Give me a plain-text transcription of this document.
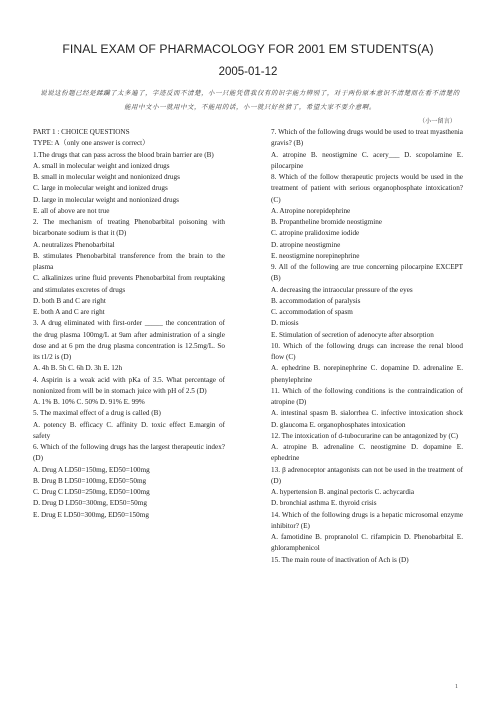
FINAL EXAM OF PHARMACOLOGY FOR 2001 EM STUDENTS(A)
2005-01-12
说说这份题已经是蹂躏了太多遍了，字迹反而不清楚，小一只能凭借我仅有的识字能力辨别了，对于两份原本意识不清楚而在看不清楚的能用中文小一就用中文，不能用的话，小一就只好丝猜了，希望大家不要介意啊。
（小一留言）
PART 1 : CHOICE QUESTIONS
TYPE: A（only one answer is correct）
1.The drugs that can pass across the blood brain barrier are (B)
A. small in molecular weight and ionized drugs
B. small in molecular weight and nonionized drugs
C. large in molecular weight and ionized drugs
D. large in molecular weight and nonionized drugs
E. all of above are not true
2. The mechanism of treating Phenobarbital poisoning with bicarbonate sodium is that it (D)
A. neutralizes Phenobarbital
B. stimulates Phenobarbital transference from the brain to the plasma
C. alkalinizes urine fluid prevents Phenobarbital from reuptaking and stimulates excretes of drugs
D. both B and C are right
E. both A and C are right
3. A drug eliminated with first-order _____ the concentration of the drug plasma 100mg/L at 9am after administration of a single dose and at 6 pm the drug plasma concentration is 12.5mg/L. So its t1/2 is (D)
A. 4h B. 5h C. 6h D. 3h E. 12h
4. Aspirin is a weak acid with pKa of 3.5. What percentage of nonionized from will be in stomach juice with pH of 2.5 (D)
A. 1% B. 10% C. 50% D. 91% E. 99%
5. The maximal effect of a drug is called (B)
A. potency B. efficacy C. affinity D. toxic effect E.margin of safety
6. Which of the following drugs has the largest therapeutic index? (D)
A. Drug A LD50=150mg, ED50=100mg
B. Drug B LD50=100mg, ED50=50mg
C. Drug C LD50=250mg, ED50=100mg
D. Drug D LD50=300mg, ED50=50mg
E. Drug E LD50=300mg, ED50=150mg
7. Which of the following drugs would be used to treat myasthenia gravis? (B)
A. atropine B. neostigmine C. acery___ D. scopolamine E. pilocarpine
8. Which of the follow therapeutic projects would be used in the treatment of patient with serious organophosphate intoxication? (C)
A. Atropine norepidephrine
B. Propantheline bromide neostigmine
C. atropine pralidoxime iodide
D. atropine neostigmine
E. neostigmine norepinephrine
9. All of the following are true concerning pilocarpine EXCEPT (B)
A. decreasing the intraocular pressure of the eyes
B. accommodation of paralysis
C. accommodation of spasm
D. miosis
E. Stimulation of secretion of adenocyte after absorption
10. Which of the following drugs can increase the renal blood flow (C)
A. ephedrine B. norepinephrine C. dopamine D. adrenaline E. phenylephrine
11. Which of the following conditions is the contraindication of atropine (D)
A. intestinal spasm B. sialorrhea C. infective intoxication shock D. glaucoma E. organophosphates intoxication
12. The intoxication of d-tubocurarine can be antagonized by (C)
A. atropine B. adrenaline C. neostigmine D. dopamine E. ephedrine
13. β adrenoceptor antagonists can not be used in the treatment of (D)
A. hypertension B. anginal pectoris C. achycardia
D. bronchial asthma E. thyroid crisis
14. Which of the following drugs is a hepatic microsomal enzyme inhibitor? (E)
A. famotidine B. propranolol C. rifampicin D. Phenobarbital E. ghloramphenicol
15. The main route of inactivation of Ach is (D)
1
